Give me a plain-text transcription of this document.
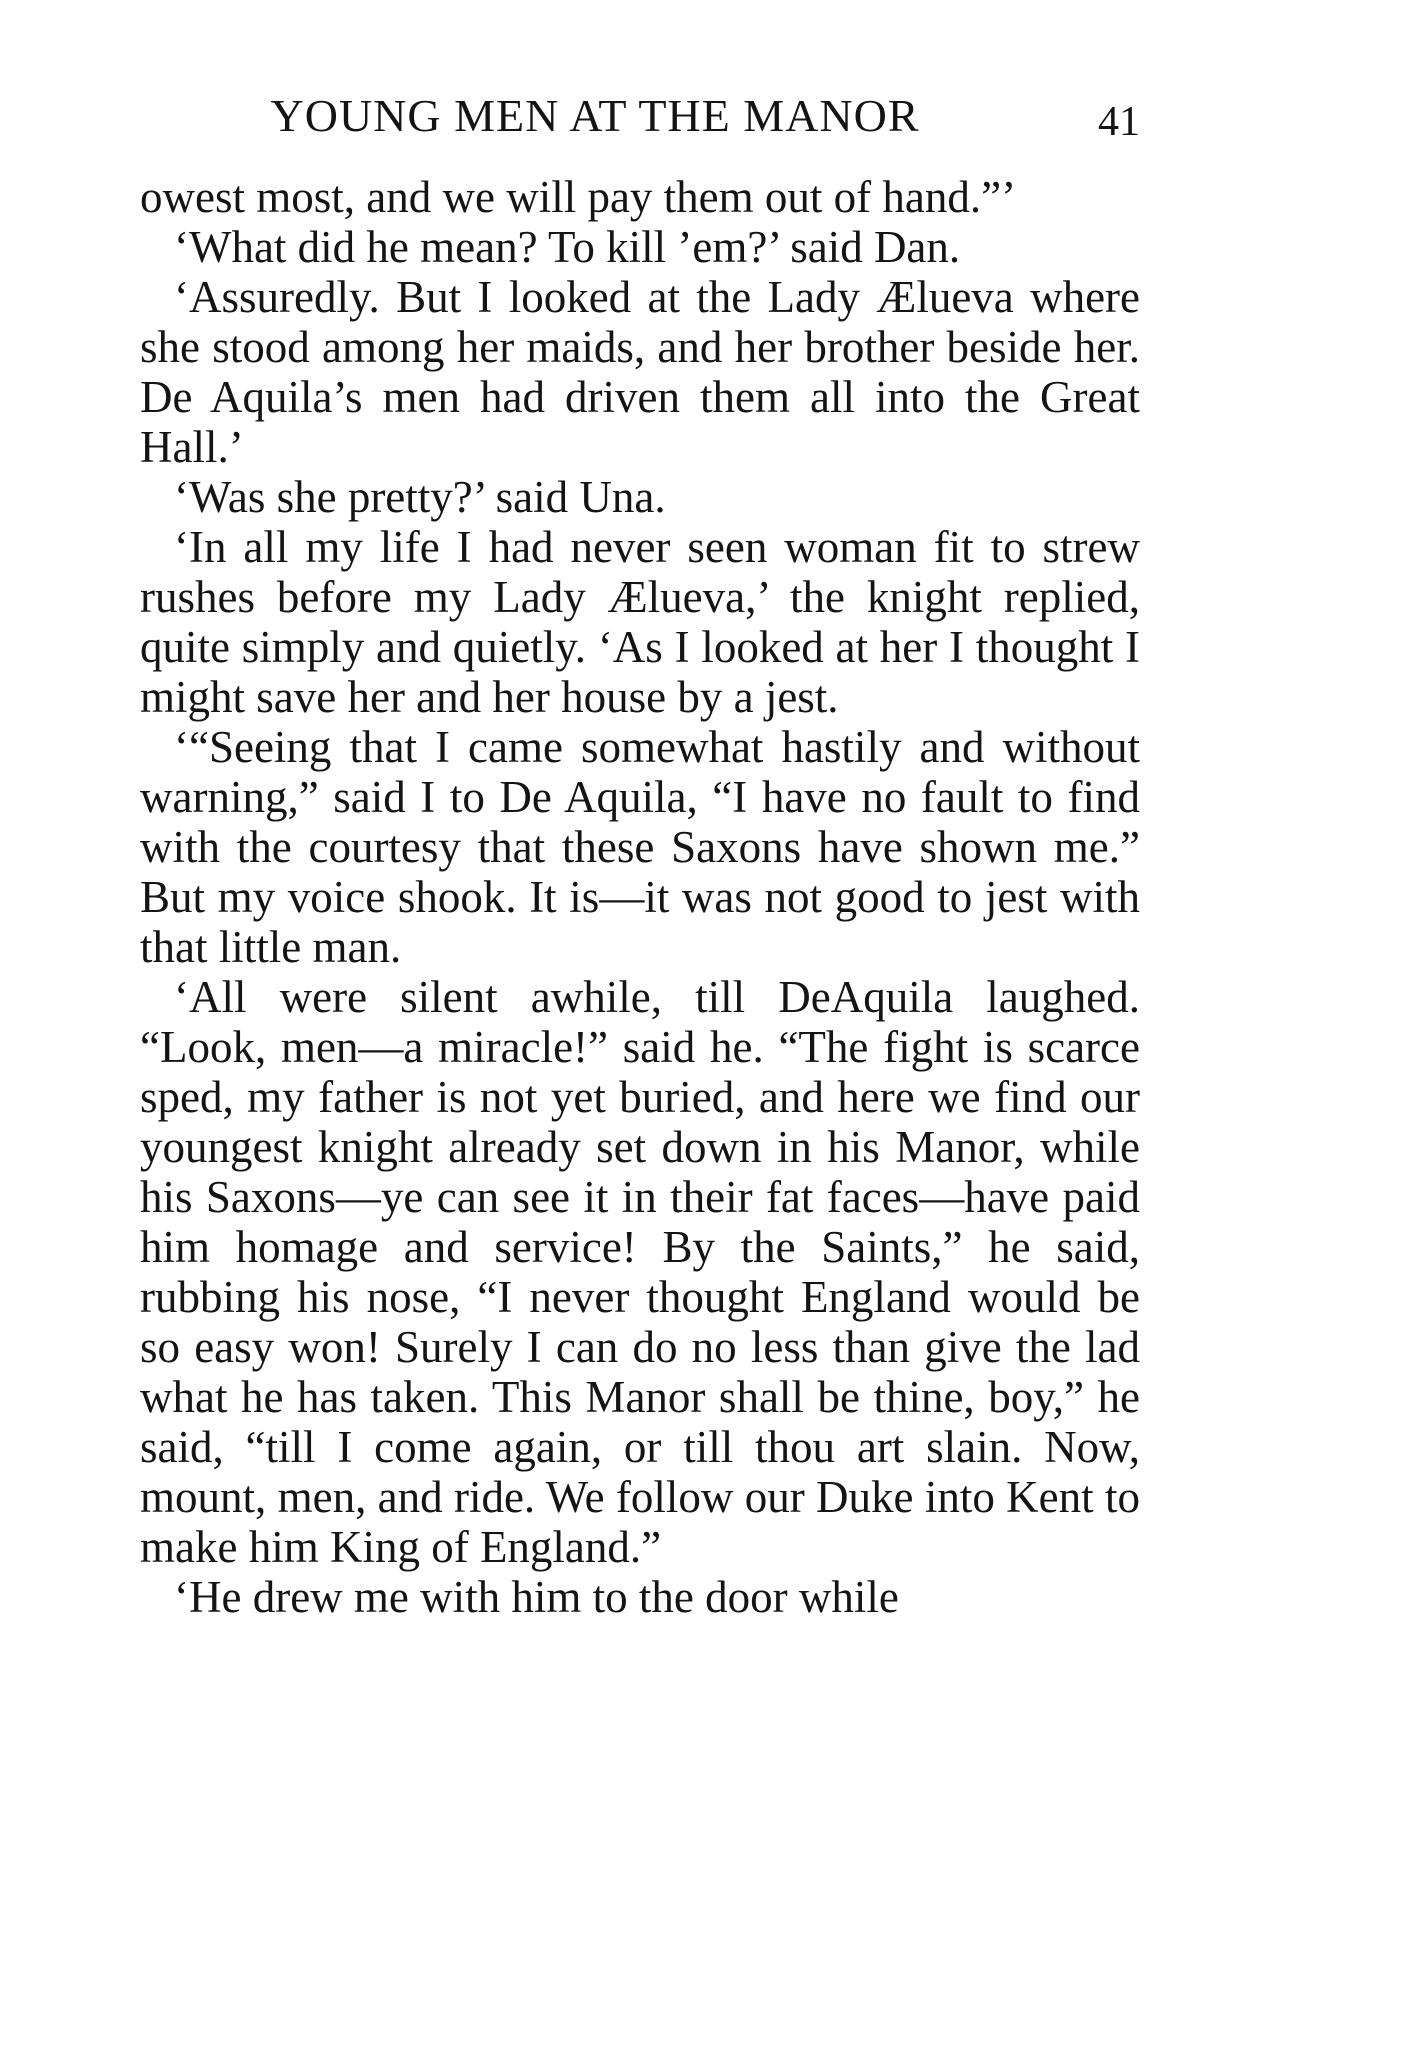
YOUNG MEN AT THE MANOR	41

owest most, and we will pay them out of hand.”’

‘What did he mean? To kill ’em?’ said Dan.

‘Assuredly. But I looked at the Lady Ælueva where she stood among her maids, and her brother beside her. De Aquila’s men had driven them all into the Great Hall.’

‘Was she pretty?’ said Una.

‘In all my life I had never seen woman fit to strew rushes before my Lady Ælueva,’ the knight replied, quite simply and quietly. ‘As I looked at her I thought I might save her and her house by a jest.

‘“Seeing that I came somewhat hastily and without warning,” said I to De Aquila, “I have no fault to find with the courtesy that these Saxons have shown me.” But my voice shook. It is—it was not good to jest with that little man.

‘All were silent awhile, till DeAquila laughed. “Look, men—a miracle!” said he. “The fight is scarce sped, my father is not yet buried, and here we find our youngest knight already set down in his Manor, while his Saxons—ye can see it in their fat faces—have paid him homage and service! By the Saints,” he said, rubbing his nose, “I never thought England would be so easy won! Surely I can do no less than give the lad what he has taken. This Manor shall be thine, boy,” he said, “till I come again, or till thou art slain. Now, mount, men, and ride. We follow our Duke into Kent to make him King of England.”

‘He drew me with him to the door while
